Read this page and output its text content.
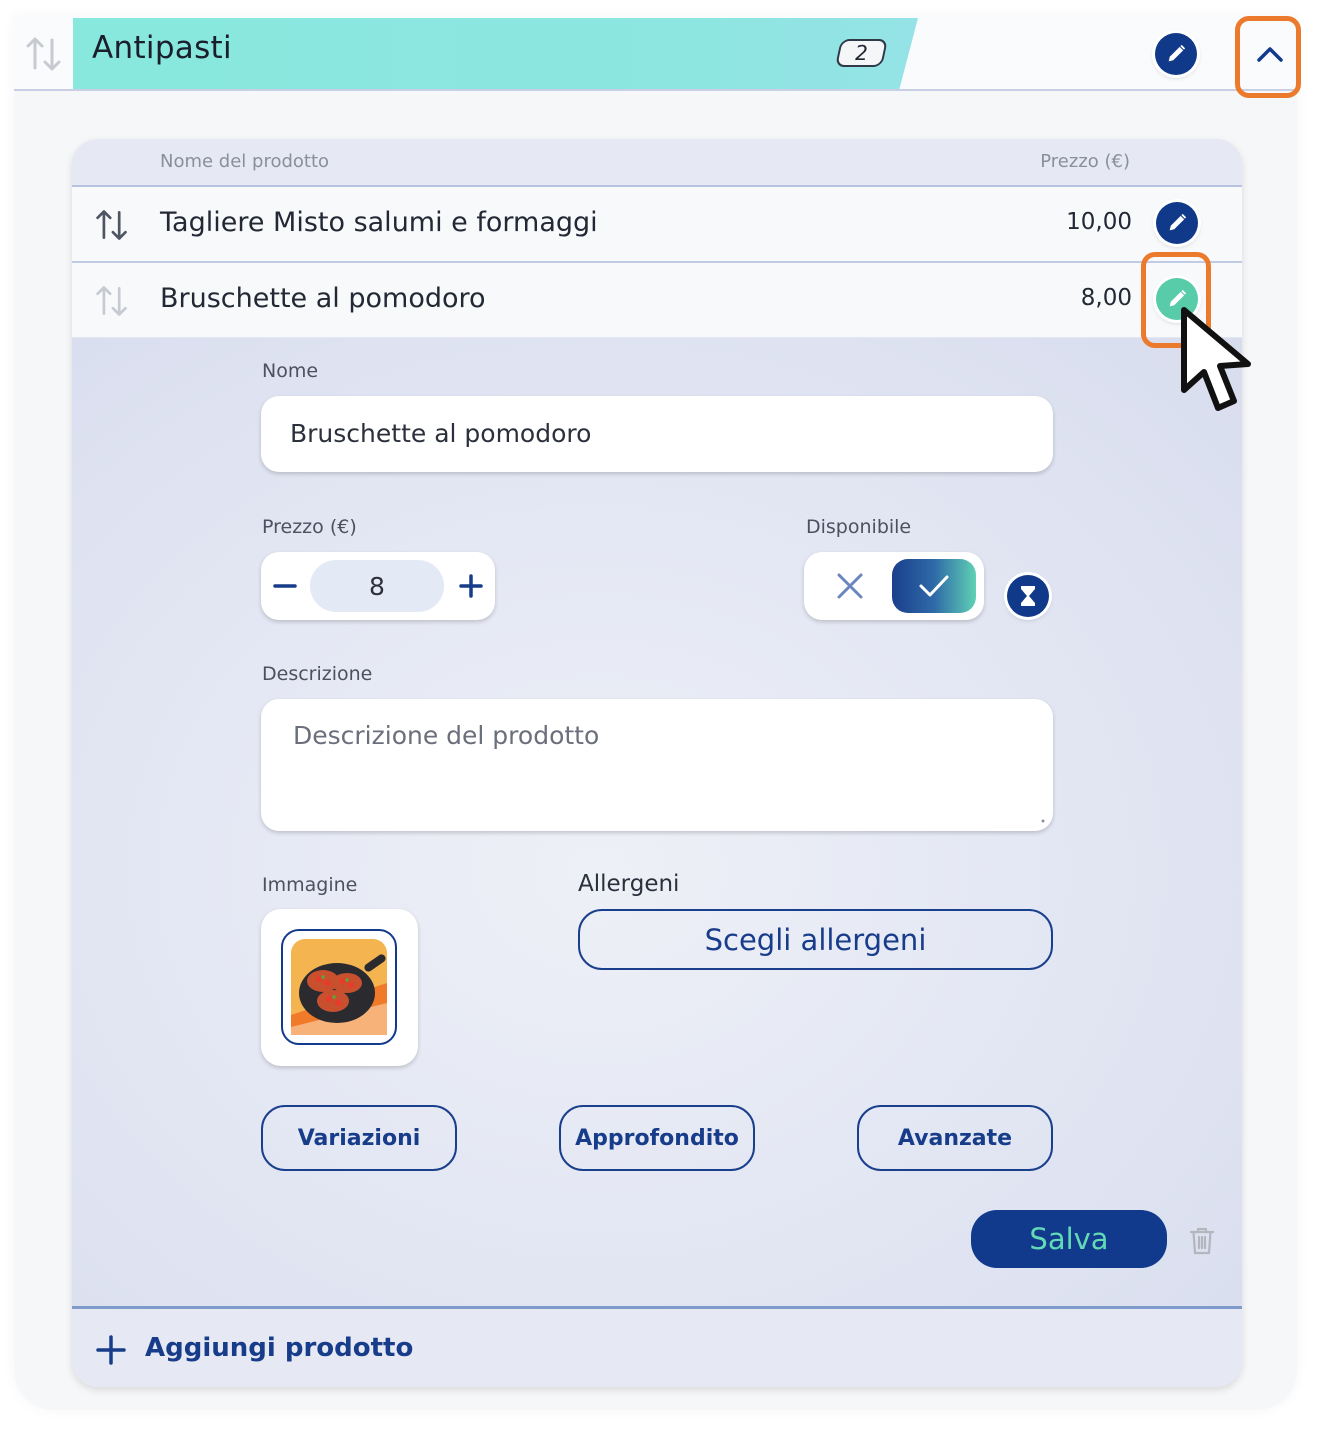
Antipasti	2
Nome del prodotto	Prezzo (€)
Tagliere Misto salumi e formaggi	10,00
Bruschette al pomodoro	8,00
Nome
Bruschette al pomodoro
Prezzo (€)
8
Disponibile
Descrizione
Descrizione del prodotto
Immagine	Allergeni
Scegli allergeni
Variazioni	Approfondito	Avanzate
Salva
Aggiungi prodotto
